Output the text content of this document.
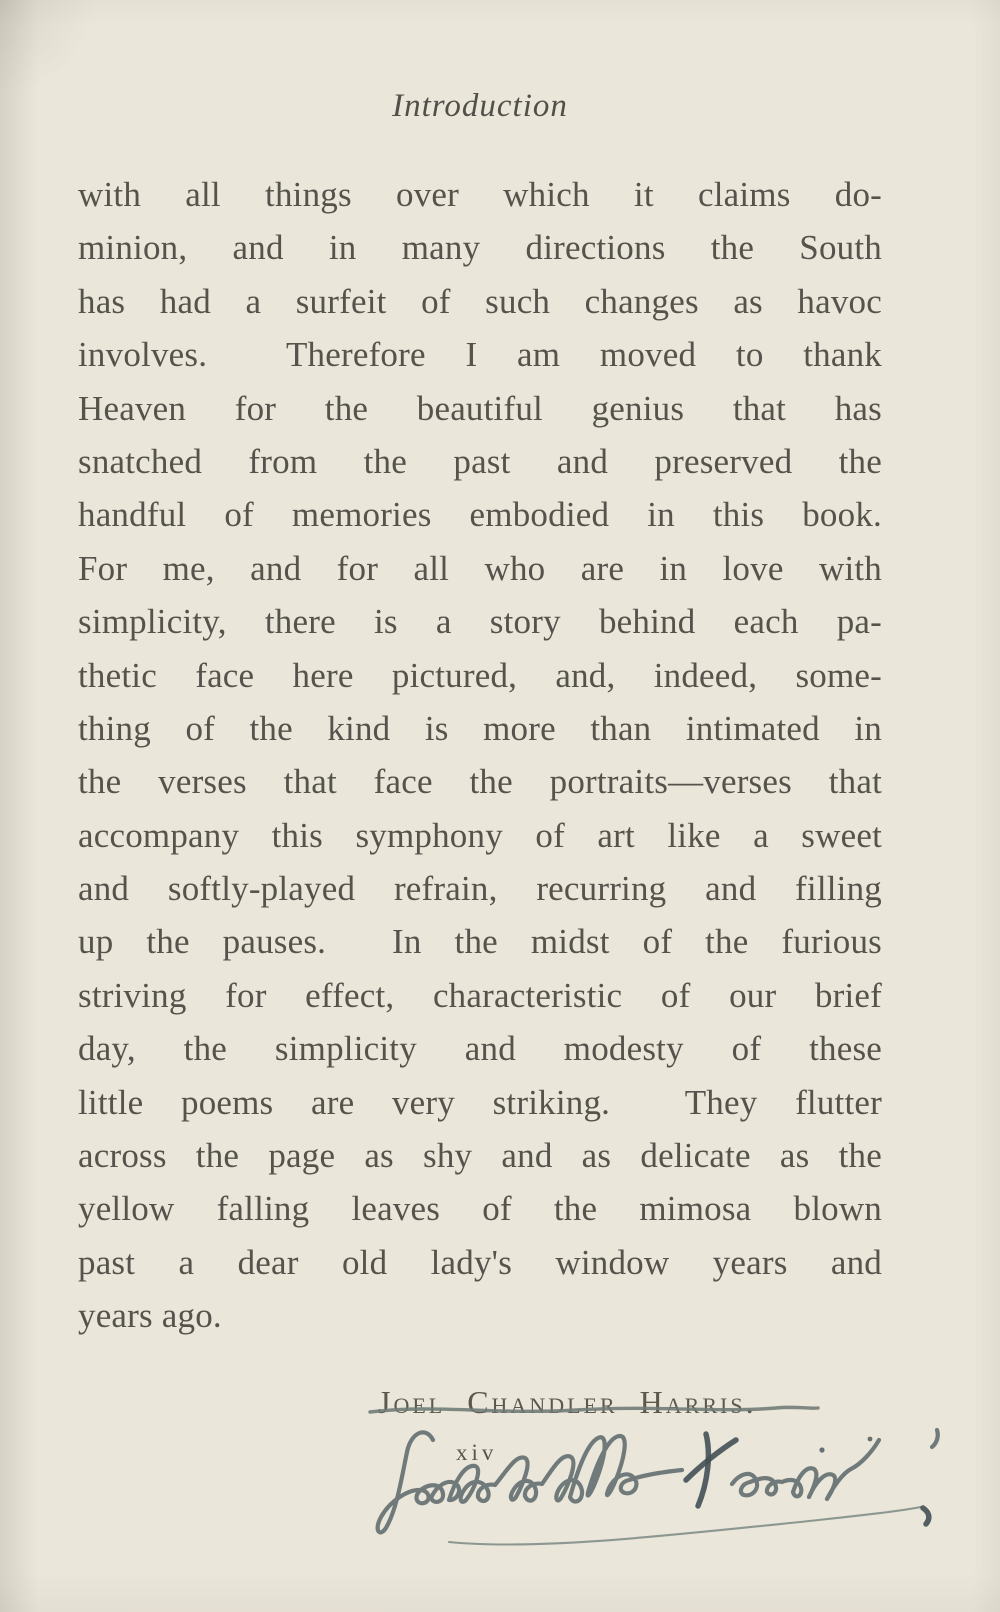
Introduction
with all things over which it claims do-
minion, and in many directions the South
has had a surfeit of such changes as havoc
involves.  Therefore I am moved to thank
Heaven for the beautiful genius that has
snatched from the past and preserved the
handful of memories embodied in this book.
For me, and for all who are in love with
simplicity, there is a story behind each pa-
thetic face here pictured, and, indeed, some-
thing of the kind is more than intimated in
the verses that face the portraits—verses that
accompany this symphony of art like a sweet
and softly-played refrain, recurring and filling
up the pauses.  In the midst of the furious
striving for effect, characteristic of our brief
day, the simplicity and modesty of these
little poems are very striking.  They flutter
across the page as shy and as delicate as the
yellow falling leaves of the mimosa blown
past a dear old lady's window years and
years ago.
Joel Chandler Harris.
xiv
